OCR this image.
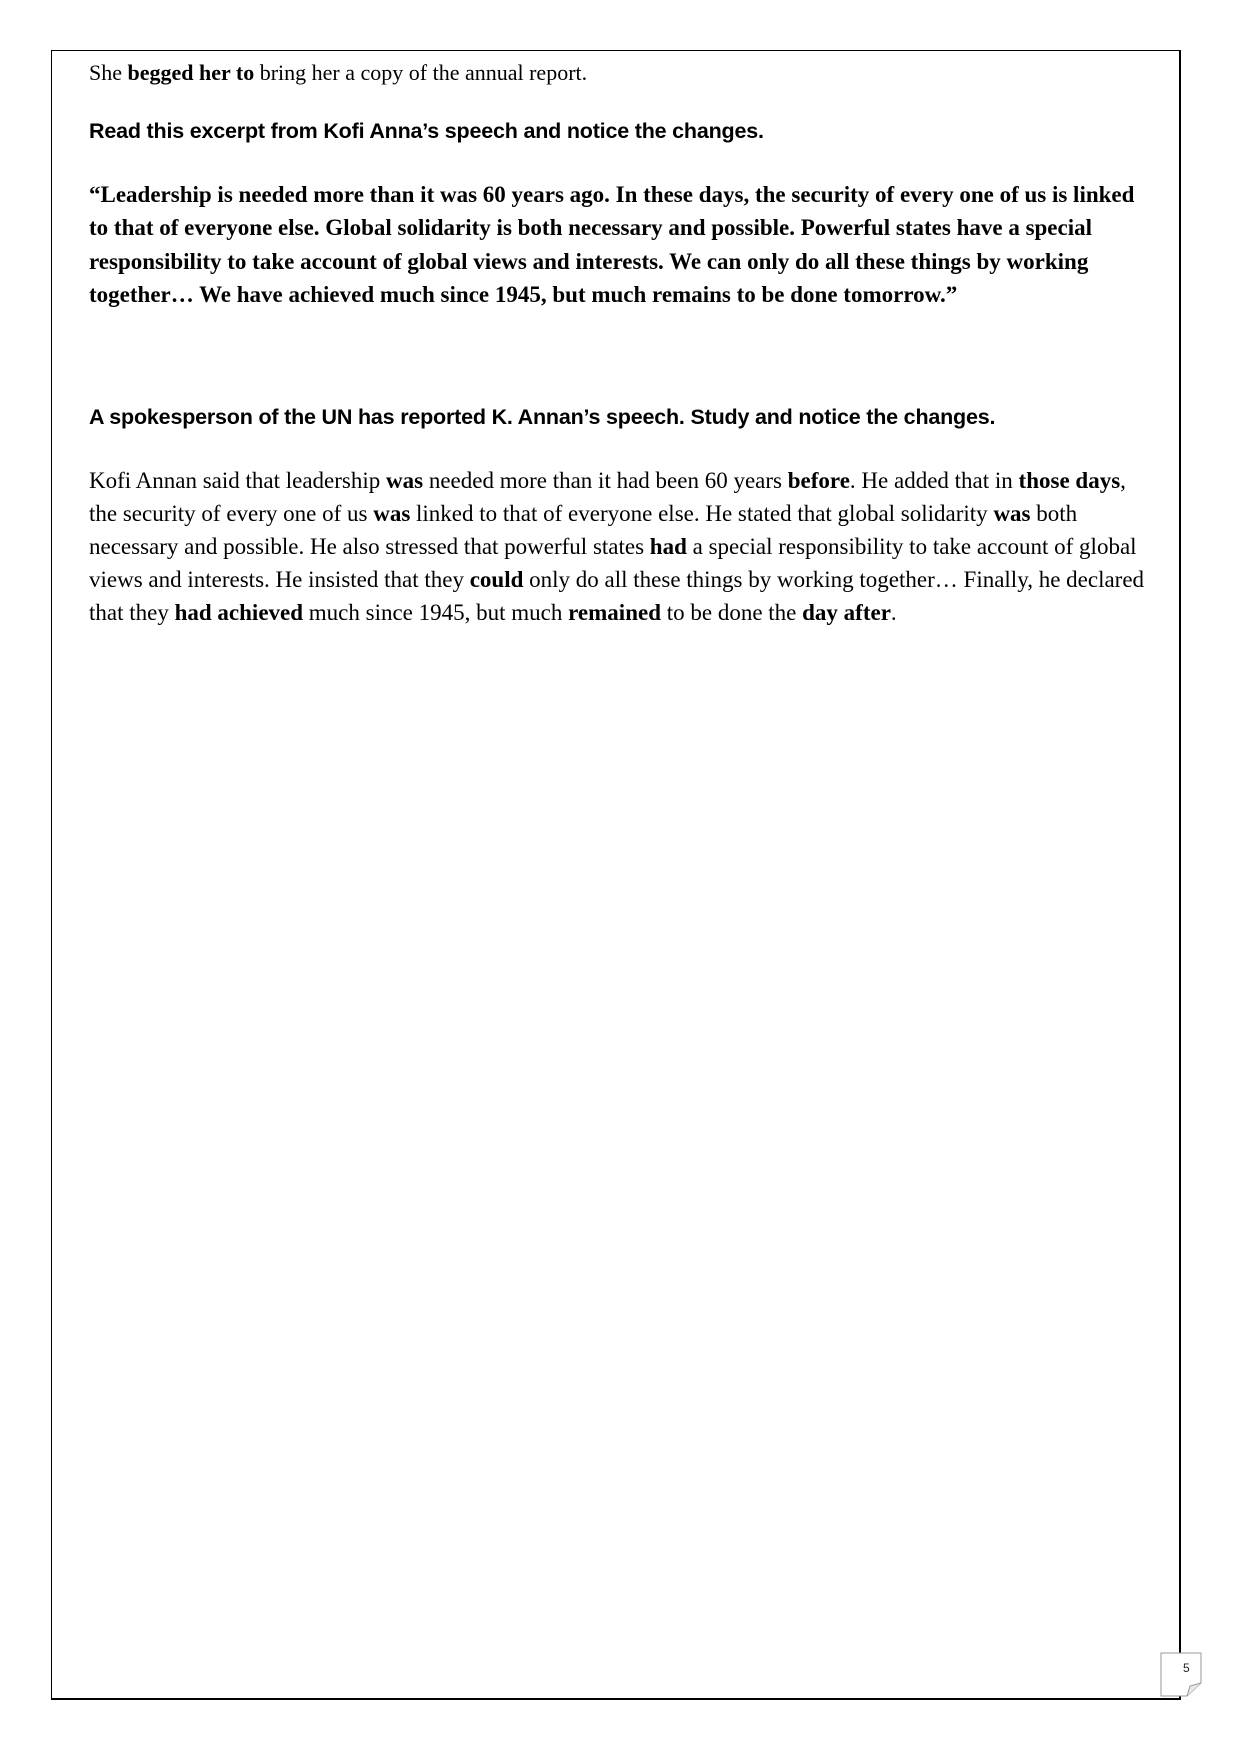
She begged her to bring her a copy of the annual report.

Read this excerpt from Kofi Anna’s speech and notice the changes.

“Leadership is needed more than it was 60 years ago. In these days, the security of every one of us is linked to that of everyone else. Global solidarity is both necessary and possible. Powerful states have a special responsibility to take account of global views and interests. We can only do all these things by working together… We have achieved much since 1945, but much remains to be done tomorrow.”

A spokesperson of the UN has reported K. Annan’s speech. Study and notice the changes.

Kofi Annan said that leadership was needed more than it had been 60 years before. He added that in those days, the security of every one of us was linked to that of everyone else. He stated that global solidarity was both necessary and possible. He also stressed that powerful states had a special responsibility to take account of global views and interests. He insisted that they could only do all these things by working together… Finally, he declared that they had achieved much since 1945, but much remained to be done the day after.

5
